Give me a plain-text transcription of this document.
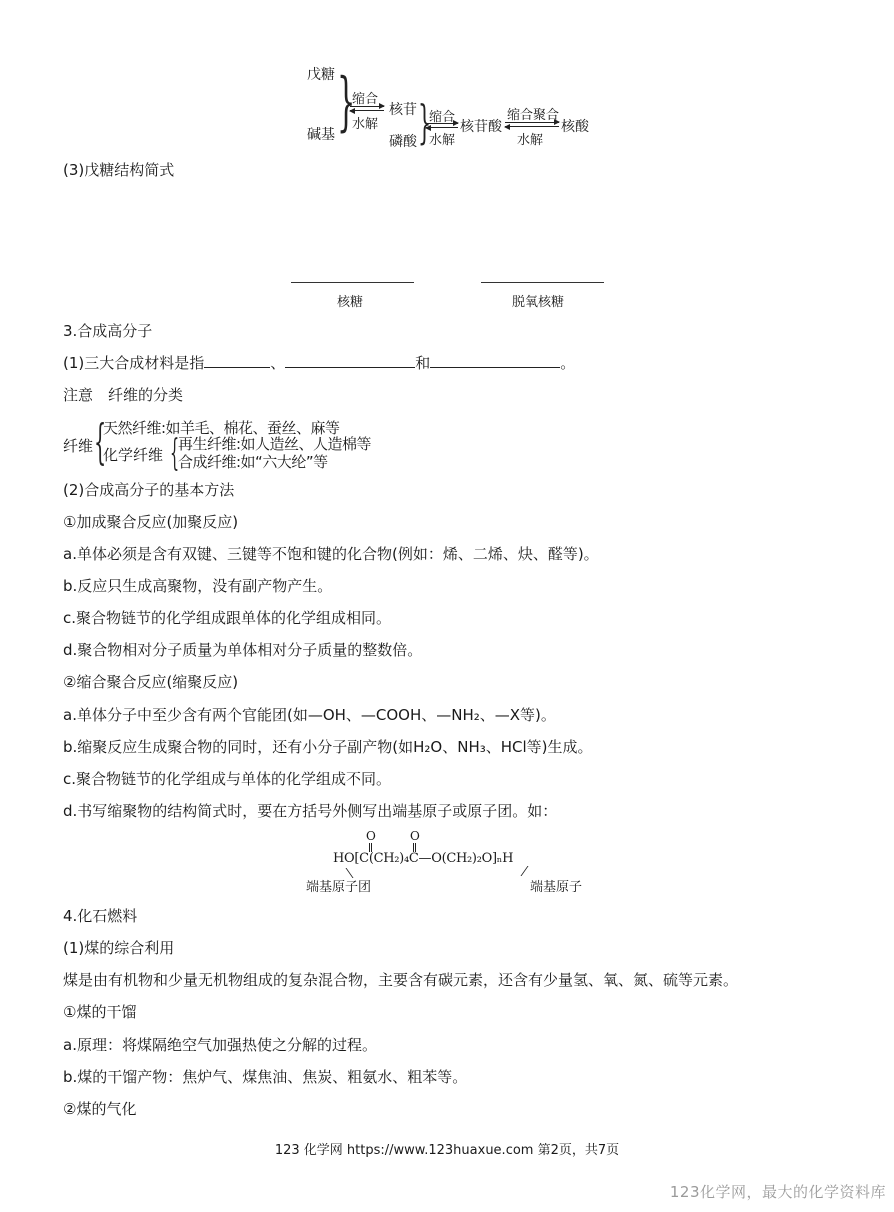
戊糖
碱基 }
缩合
水解
核苷
磷酸 }
缩合
水解
核苷酸
缩合聚合
水解
核酸
(3)戊糖结构简式
核糖	脱氧核糖
3.合成高分子
(1)三大合成材料是指	、	和	。
注意　纤维的分类
纤维 {
天然纤维:如羊毛、棉花、蚕丝、麻等
化学纤维 {
再生纤维:如人造丝、人造棉等
合成纤维:如“六大纶”等
(2)合成高分子的基本方法
①加成聚合反应(加聚反应)
a.单体必须是含有双键、三键等不饱和键的化合物(例如：烯、二烯、炔、醛等)。
b.反应只生成高聚物，没有副产物产生。
c.聚合物链节的化学组成跟单体的化学组成相同。
d.聚合物相对分子质量为单体相对分子质量的整数倍。
②缩合聚合反应(缩聚反应)
a.单体分子中至少含有两个官能团(如—OH、—COOH、—NH₂、—X等)。
b.缩聚反应生成聚合物的同时，还有小分子副产物(如H₂O、NH₃、HCl等)生成。
c.聚合物链节的化学组成与单体的化学组成不同。
d.书写缩聚物的结构简式时，要在方括号外侧写出端基原子或原子团。如：
O	O
HO[C(CH₂)₄C—O(CH₂)₂O]ₙH
端基原子团	端基原子
4.化石燃料
(1)煤的综合利用
煤是由有机物和少量无机物组成的复杂混合物，主要含有碳元素，还含有少量氢、氧、氮、硫等元素。
①煤的干馏
a.原理：将煤隔绝空气加强热使之分解的过程。
b.煤的干馏产物：焦炉气、煤焦油、焦炭、粗氨水、粗苯等。
②煤的气化
123 化学网 https://www.123huaxue.com 第2页，共7页
123化学网，最大的化学资料库
